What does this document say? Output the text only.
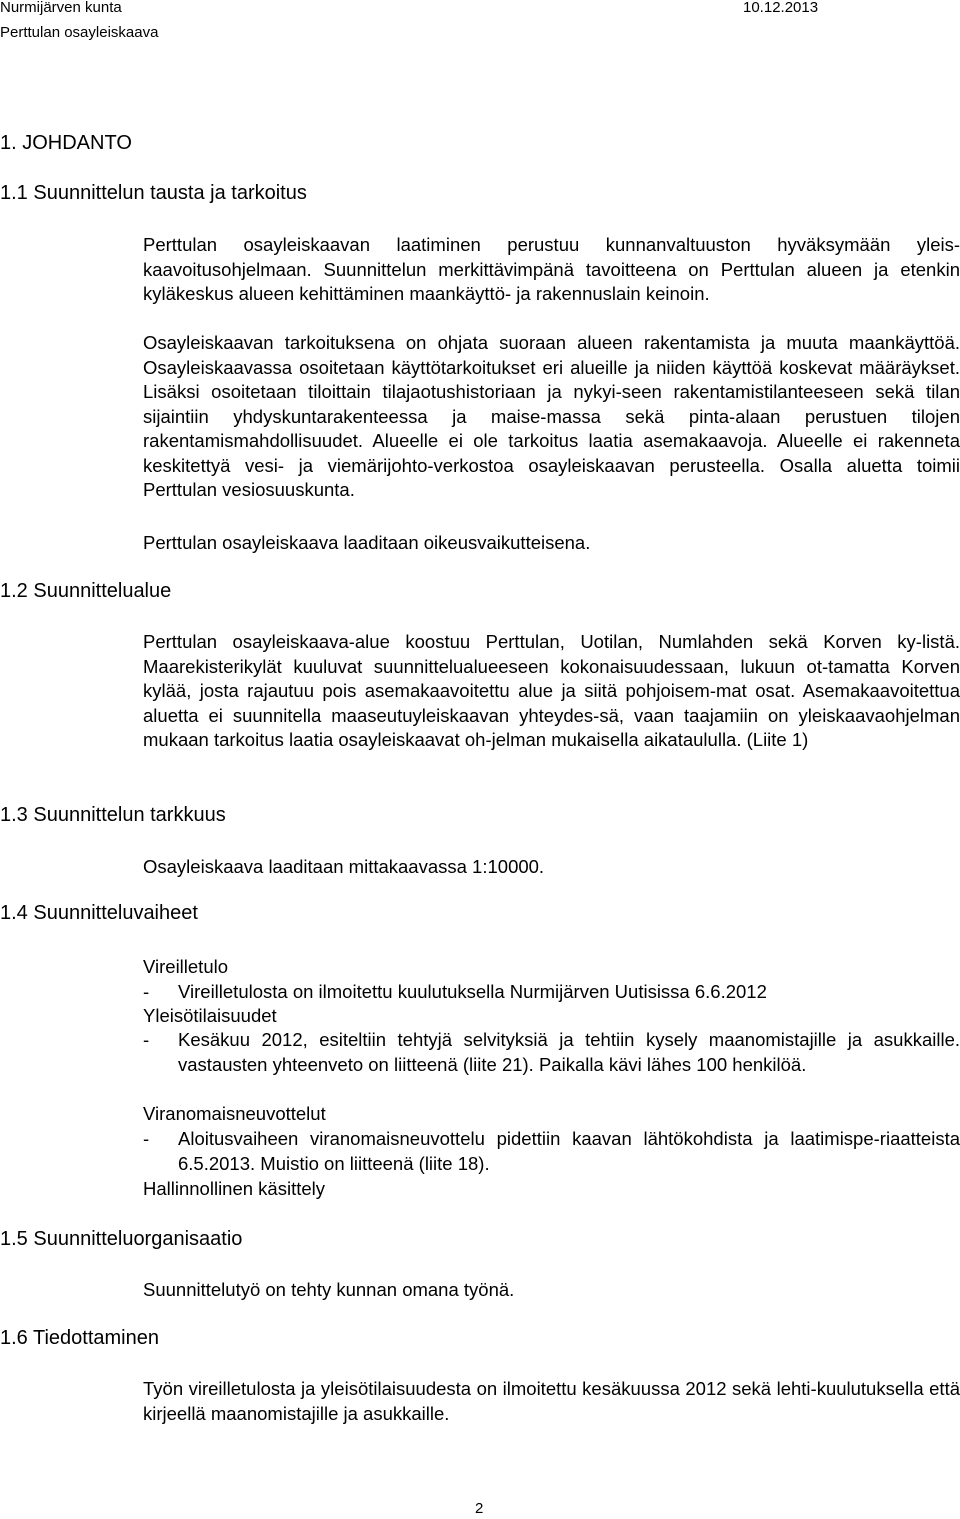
Nurmijärven kunta	10.12.2013
Perttulan osayleiskaava
1. JOHDANTO
1.1 Suunnittelun tausta ja tarkoitus

Perttulan osayleiskaavan laatiminen perustuu kunnanvaltuuston hyväksymään yleis-kaavoitusohjelmaan. Suunnittelun merkittävimpänä tavoitteena on Perttulan alueen ja etenkin kyläkeskus alueen kehittäminen maankäyttö- ja rakennuslain keinoin.

Osayleiskaavan tarkoituksena on ohjata suoraan alueen rakentamista ja muuta maankäyttöä. Osayleiskaavassa osoitetaan käyttötarkoitukset eri alueille ja niiden käyttöä koskevat määräykset. Lisäksi osoitetaan tiloittain tilajaotushistoriaan ja nykyi-seen rakentamistilanteeseen sekä tilan sijaintiin yhdyskuntarakenteessa ja maise-massa sekä pinta-alaan perustuen tilojen rakentamismahdollisuudet. Alueelle ei ole tarkoitus laatia asemakaavoja. Alueelle ei rakenneta keskitettyä vesi- ja viemärijohto-verkostoa osayleiskaavan perusteella. Osalla aluetta toimii Perttulan vesiosuuskunta.

Perttulan osayleiskaava laaditaan oikeusvaikutteisena.
1.2 Suunnittelualue

Perttulan osayleiskaava-alue koostuu Perttulan, Uotilan, Numlahden sekä Korven ky-listä. Maarekisterikylät kuuluvat suunnittelualueeseen kokonaisuudessaan, lukuun ot-tamatta Korven kylää, josta rajautuu pois asemakaavoitettu alue ja siitä pohjoisem-mat osat. Asemakaavoitettua aluetta ei suunnitella maaseutuyleiskaavan yhteydes-sä, vaan taajamiin on yleiskaavaohjelman mukaan tarkoitus laatia osayleiskaavat oh-jelman mukaisella aikataululla. (Liite 1)

1.3 Suunnittelun tarkkuus
Osayleiskaava laaditaan mittakaavassa 1:10000.
1.4 Suunnitteluvaiheet
Vireilletulo
- Vireilletulosta on ilmoitettu kuulutuksella Nurmijärven Uutisissa 6.6.2012
Yleisötilaisuudet
- Kesäkuu 2012, esiteltiin tehtyjä selvityksiä ja tehtiin kysely maanomistajille ja asukkaille. vastausten yhteenveto on liitteenä (liite 21). Paikalla kävi lähes 100 henkilöä.
Viranomaisneuvottelut
- Aloitusvaiheen viranomaisneuvottelu pidettiin kaavan lähtökohdista ja laatimispe-riaatteista 6.5.2013. Muistio on liitteenä (liite 18).
Hallinnollinen käsittely
1.5 Suunnitteluorganisaatio
Suunnittelutyö on tehty kunnan omana työnä.
1.6 Tiedottaminen

Työn vireilletulosta ja yleisötilaisuudesta on ilmoitettu kesäkuussa 2012 sekä lehti-kuulutuksella että kirjeellä maanomistajille ja asukkaille.

2
